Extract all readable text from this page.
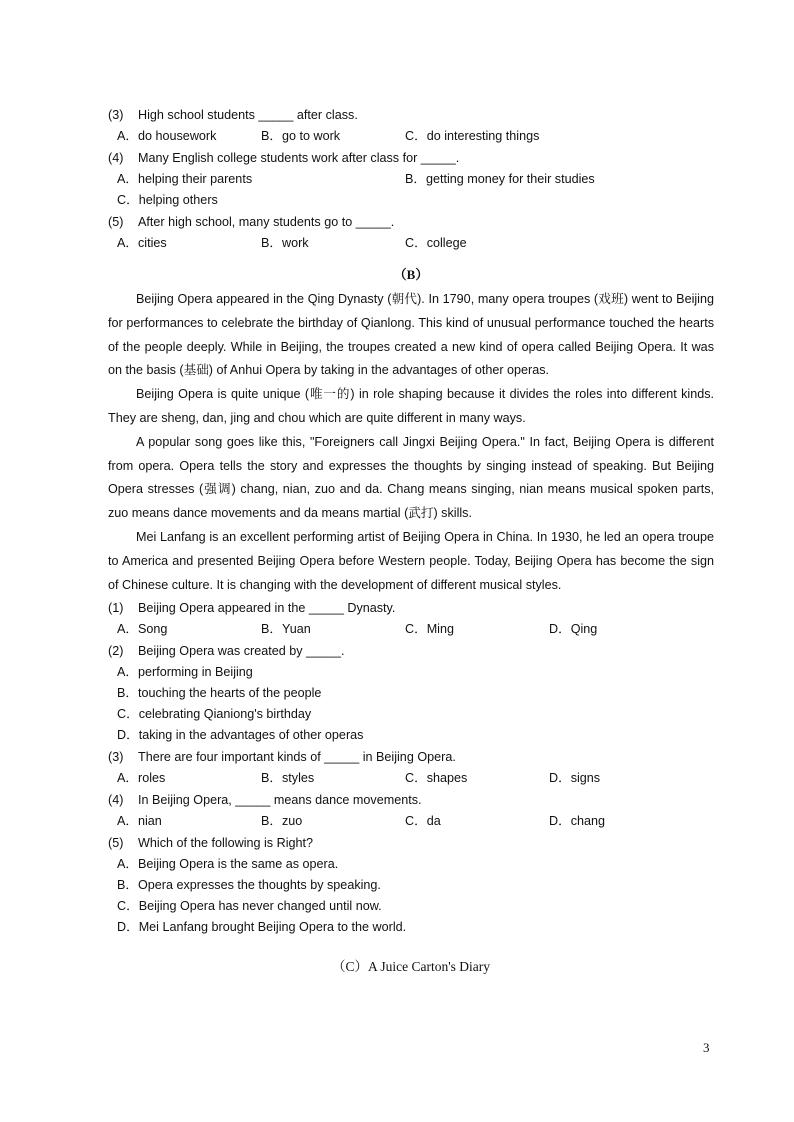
(3)	High school students _____ after class.
A．do housework	B．go to work	C．do interesting things
(4)	Many English college students work after class for _____.
A．helping their parents	B．getting money for their studies
C．helping others
(5)	After high school, many students go to _____.
A．cities	B．work	C．college
（B）

Beijing Opera appeared in the Qing Dynasty (朝代). In 1790, many opera troupes (戏班) went to Beijing for performances to celebrate the birthday of Qianlong. This kind of unusual performance touched the hearts of the people deeply. While in Beijing, the troupes created a new kind of opera called Beijing Opera. It was on the basis (基础) of Anhui Opera by taking in the advantages of other operas.

Beijing Opera is quite unique (唯一的) in role shaping because it divides the roles into different kinds. They are sheng, dan, jing and chou which are quite different in many ways.

A popular song goes like this, "Foreigners call Jingxi Beijing Opera." In fact, Beijing Opera is different from opera. Opera tells the story and expresses the thoughts by singing instead of speaking. But Beijing Opera stresses (强调) chang, nian, zuo and da. Chang means singing, nian means musical spoken parts, zuo means dance movements and da means martial (武打) skills.

Mei Lanfang is an excellent performing artist of Beijing Opera in China. In 1930, he led an opera troupe to America and presented Beijing Opera before Western people. Today, Beijing Opera has become the sign of Chinese culture. It is changing with the development of different musical styles.

(1)	Beijing Opera appeared in the _____ Dynasty.
A．Song	B．Yuan	C．Ming	D．Qing
(2)	Beijing Opera was created by _____.
A．performing in Beijing
B．touching the hearts of the people
C．celebrating Qianiong's birthday
D．taking in the advantages of other operas
(3)	There are four important kinds of _____ in Beijing Opera.
A．roles	B．styles	C．shapes	D．signs
(4)	In Beijing Opera, _____ means dance movements.
A．nian	B．zuo	C．da	D．chang
(5)	Which of the following is Right?
A．Beijing Opera is the same as opera.
B．Opera expresses the thoughts by speaking.
C．Beijing Opera has never changed until now.
D．Mei Lanfang brought Beijing Opera to the world.
（C）A Juice Carton's Diary
3
